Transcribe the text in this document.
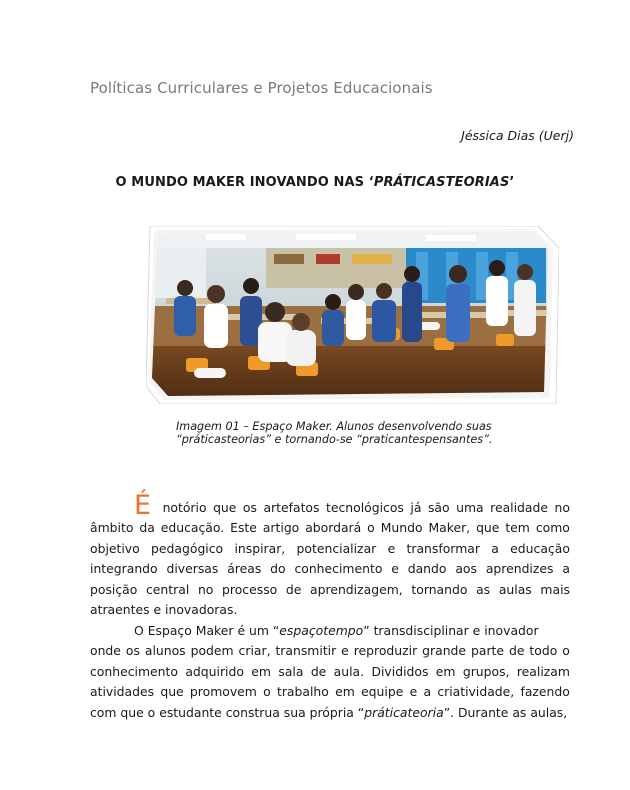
Políticas Curriculares e Projetos Educacionais
Jéssica Dias (Uerj)
O MUNDO MAKER INOVANDO NAS ‘PRÁTICASTEORIAS’
Imagem 01 – Espaço Maker. Alunos desenvolvendo suas
“práticasteorias” e tornando-se “praticantespensantes”.
É notório que os artefatos tecnológicos já são uma realidade no
âmbito da educação. Este artigo abordará o Mundo Maker, que tem como
objetivo pedagógico inspirar, potencializar e transformar a educação
integrando diversas áreas do conhecimento e dando aos aprendizes a
posição central no processo de aprendizagem, tornando as aulas mais
atraentes e inovadoras.
O Espaço Maker é um “ espaçotempo ” transdisciplinar e inovador
onde os alunos podem criar, transmitir e reproduzir grande parte de todo o
conhecimento adquirido em sala de aula. Divididos em grupos, realizam
atividades que promovem o trabalho em equipe e a criatividade, fazendo
com que o estudante construa sua própria “ práticateoria ”. Durante as aulas,
